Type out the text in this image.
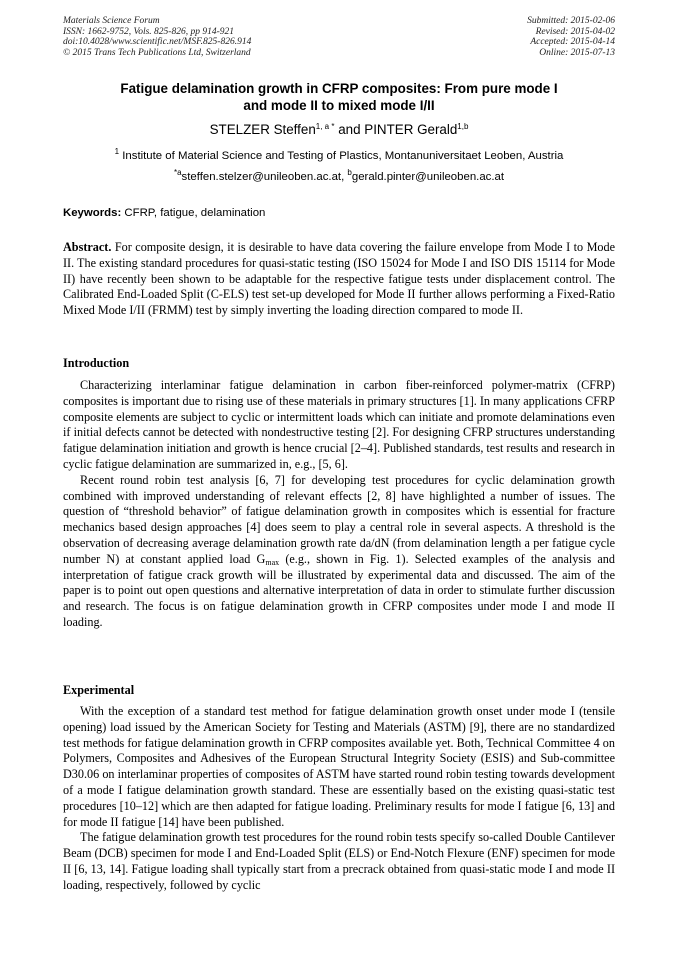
Materials Science Forum
ISSN: 1662-9752, Vols. 825-826, pp 914-921
doi:10.4028/www.scientific.net/MSF.825-826.914
© 2015 Trans Tech Publications Ltd, Switzerland
Submitted: 2015-02-06
Revised: 2015-04-02
Accepted: 2015-04-14
Online: 2015-07-13
Fatigue delamination growth in CFRP composites: From pure mode I
and mode II to mixed mode I/II
STELZER Steffen$^{1, a *}$ and PINTER Gerald$^{1,b}$
$^1$ Institute of Material Science and Testing of Plastics, Montanuniversitaet Leoben, Austria
$^{*a}$steffen.stelzer@unileoben.ac.at, $^b$gerald.pinter@unileoben.ac.at
Keywords: CFRP, fatigue, delamination

Abstract. For composite design, it is desirable to have data covering the failure envelope from Mode I to Mode II. The existing standard procedures for quasi-static testing (ISO 15024 for Mode I and ISO DIS 15114 for Mode II) have recently been shown to be adaptable for the respective fatigue tests under displacement control. The Calibrated End-Loaded Split (C-ELS) test set-up developed for Mode II further allows performing a Fixed-Ratio Mixed Mode I/II (FRMM) test by simply inverting the loading direction compared to mode II.

Introduction

Characterizing interlaminar fatigue delamination in carbon fiber-reinforced polymer-matrix (CFRP) composites is important due to rising use of these materials in primary structures [1]. In many applications CFRP composite elements are subject to cyclic or intermittent loads which can initiate and promote delaminations even if initial defects cannot be detected with nondestructive testing [2]. For designing CFRP structures understanding fatigue delamination initiation and growth is hence crucial [2–4]. Published standards, test results and research in cyclic fatigue delamination are summarized in, e.g., [5, 6].

Recent round robin test analysis [6, 7] for developing test procedures for cyclic delamination growth combined with improved understanding of relevant effects [2, 8] have highlighted a number of issues. The question of “threshold behavior” of fatigue delamination growth in composites which is essential for fracture mechanics based design approaches [4] does seem to play a central role in several aspects. A threshold is the observation of decreasing average delamination growth rate da/dN (from delamination length a per fatigue cycle number N) at constant applied load $G_{max}$ (e.g., shown in Fig. 1). Selected examples of the analysis and interpretation of fatigue crack growth will be illustrated by experimental data and discussed. The aim of the paper is to point out open questions and alternative interpretation of data in order to stimulate further discussion and research. The focus is on fatigue delamination growth in CFRP composites under mode I and mode II loading.

Experimental

With the exception of a standard test method for fatigue delamination growth onset under mode I (tensile opening) load issued by the American Society for Testing and Materials (ASTM) [9], there are no standardized test methods for fatigue delamination growth in CFRP composites available yet. Both, Technical Committee 4 on Polymers, Composites and Adhesives of the European Structural Integrity Society (ESIS) and Sub-committee D30.06 on interlaminar properties of composites of ASTM have started round robin testing towards development of a mode I fatigue delamination growth standard. These are essentially based on the existing quasi-static test procedures [10–12] which are then adapted for fatigue loading. Preliminary results for mode I fatigue [6, 13] and for mode II fatigue [14] have been published.

The fatigue delamination growth test procedures for the round robin tests specify so-called Double Cantilever Beam (DCB) specimen for mode I and End-Loaded Split (ELS) or End-Notch Flexure (ENF) specimen for mode II [6, 13, 14]. Fatigue loading shall typically start from a precrack obtained from quasi-static mode I and mode II loading, respectively, followed by cyclic
